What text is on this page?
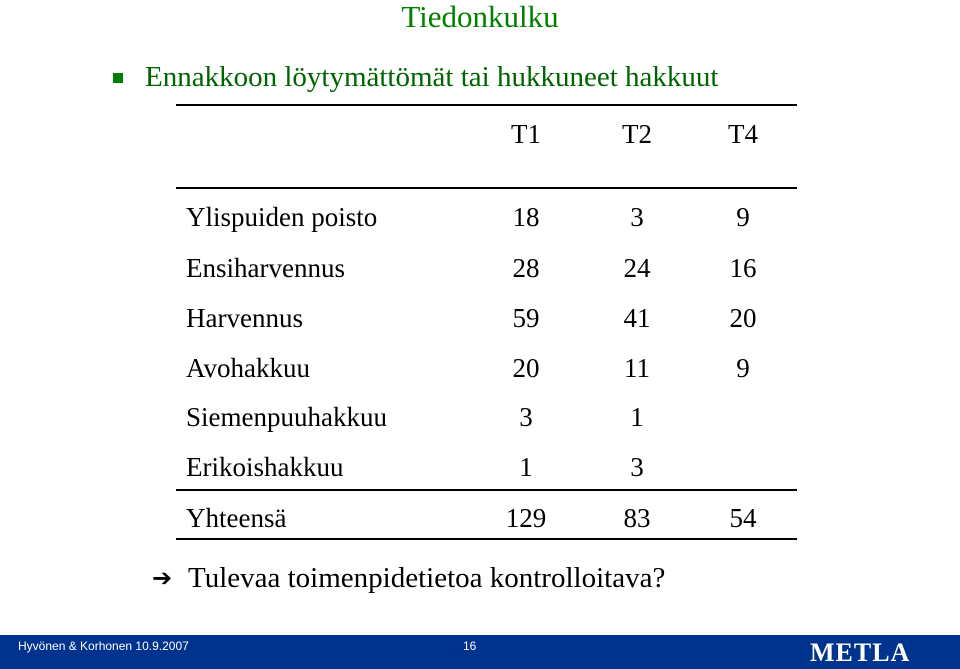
Tiedonkulku
Ennakkoon löytymättömät tai hukkuneet hakkuut
T1	T2	T4
Ylispuiden poisto	18	3	9
Ensiharvennus	28	24	16
Harvennus	59	41	20
Avohakkuu	20	11	9
Siemenpuuhakkuu	3	1
Erikoishakkuu	1	3
Yhteensä	129	83	54
➔ Tulevaa toimenpidetietoa kontrolloitava?
Hyvönen & Korhonen 10.9.2007	16	METLA
